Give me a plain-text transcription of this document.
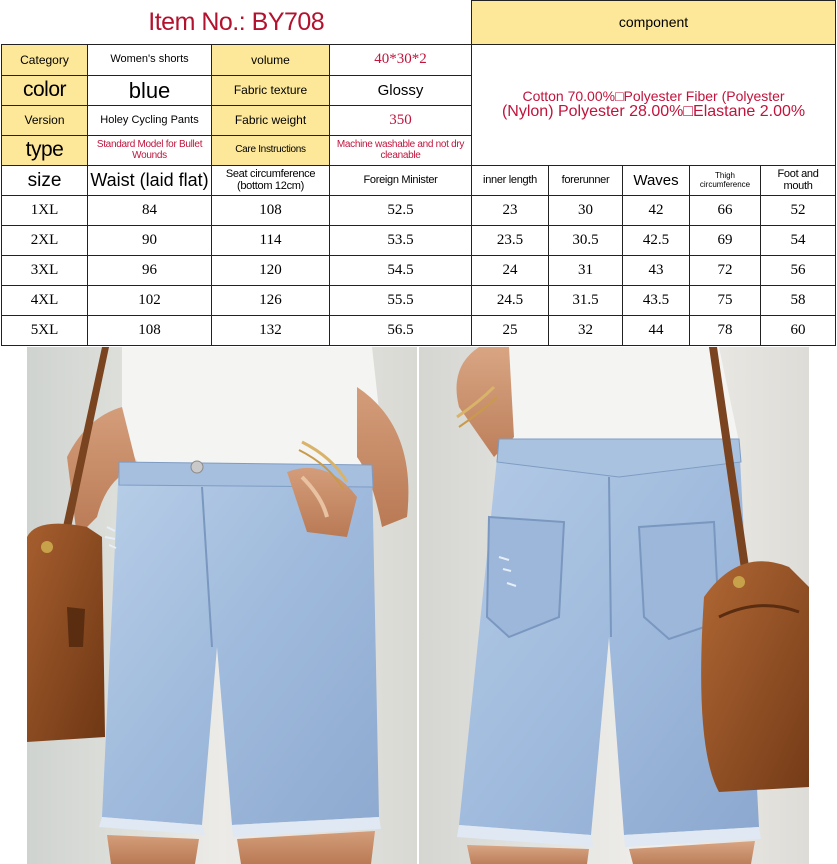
Item No.: BY708				component				
Category	Women's shorts	volume	40*30*2	Cotton 70.00%□Polyester Fiber (Polyester
(Nylon) Polyester 28.00%□Elastane 2.00%				

color	blue	Fabric texture	Glossy					
Version	Holey Cycling Pants	Fabric weight	350					
type	Standard Model for Bullet Wounds	Care Instructions	Machine washable and not dry cleanable					
size	Waist (laid flat)	Seat circumference (bottom 12cm)	Foreign Minister	inner length	forerunner	Waves	Thigh circumference	Foot and mouth
1XL	84	108	52.5	23	30	42	66	52
2XL	90	114	53.5	23.5	30.5	42.5	69	54
3XL	96	120	54.5	24	31	43	72	56
4XL	102	126	55.5	24.5	31.5	43.5	75	58
5XL	108	132	56.5	25	32	44	78	60
